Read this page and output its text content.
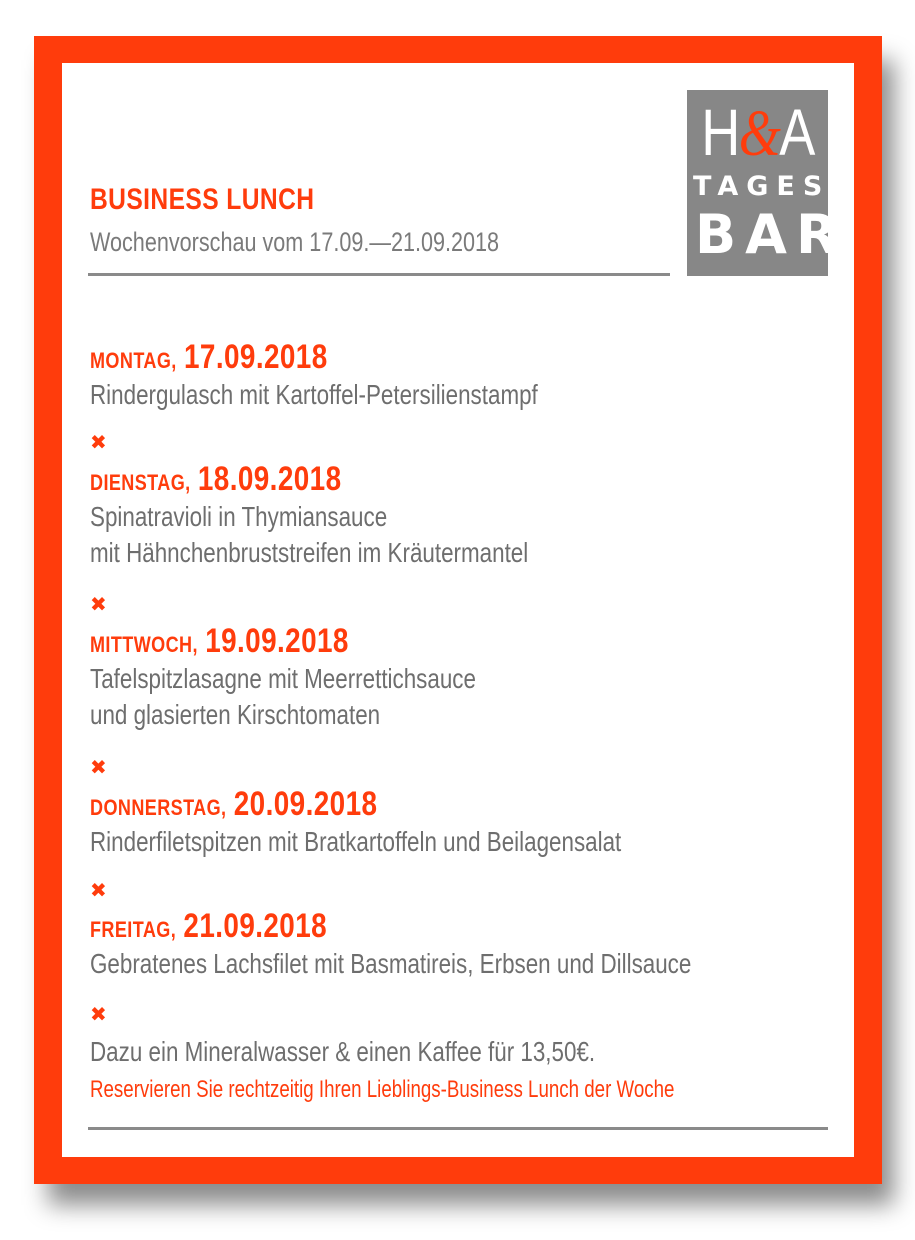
H&A
TAGES
BAR
BUSINESS LUNCH
Wochenvorschau vom 17.09.—21.09.2018
MONTAG, 17.09.2018
Rindergulasch mit Kartoffel-Petersilienstampf
✖
DIENSTAG, 18.09.2018
Spinatravioli in Thymiansauce
mit Hähnchenbruststreifen im Kräutermantel
✖
MITTWOCH, 19.09.2018
Tafelspitzlasagne mit Meerrettichsauce
und glasierten Kirschtomaten
✖
DONNERSTAG, 20.09.2018
Rinderfiletspitzen mit Bratkartoffeln und Beilagensalat
✖
FREITAG, 21.09.2018
Gebratenes Lachsfilet mit Basmatireis, Erbsen und Dillsauce
✖
Dazu ein Mineralwasser & einen Kaffee für 13,50€.
Reservieren Sie rechtzeitig Ihren Lieblings-Business Lunch der Woche
